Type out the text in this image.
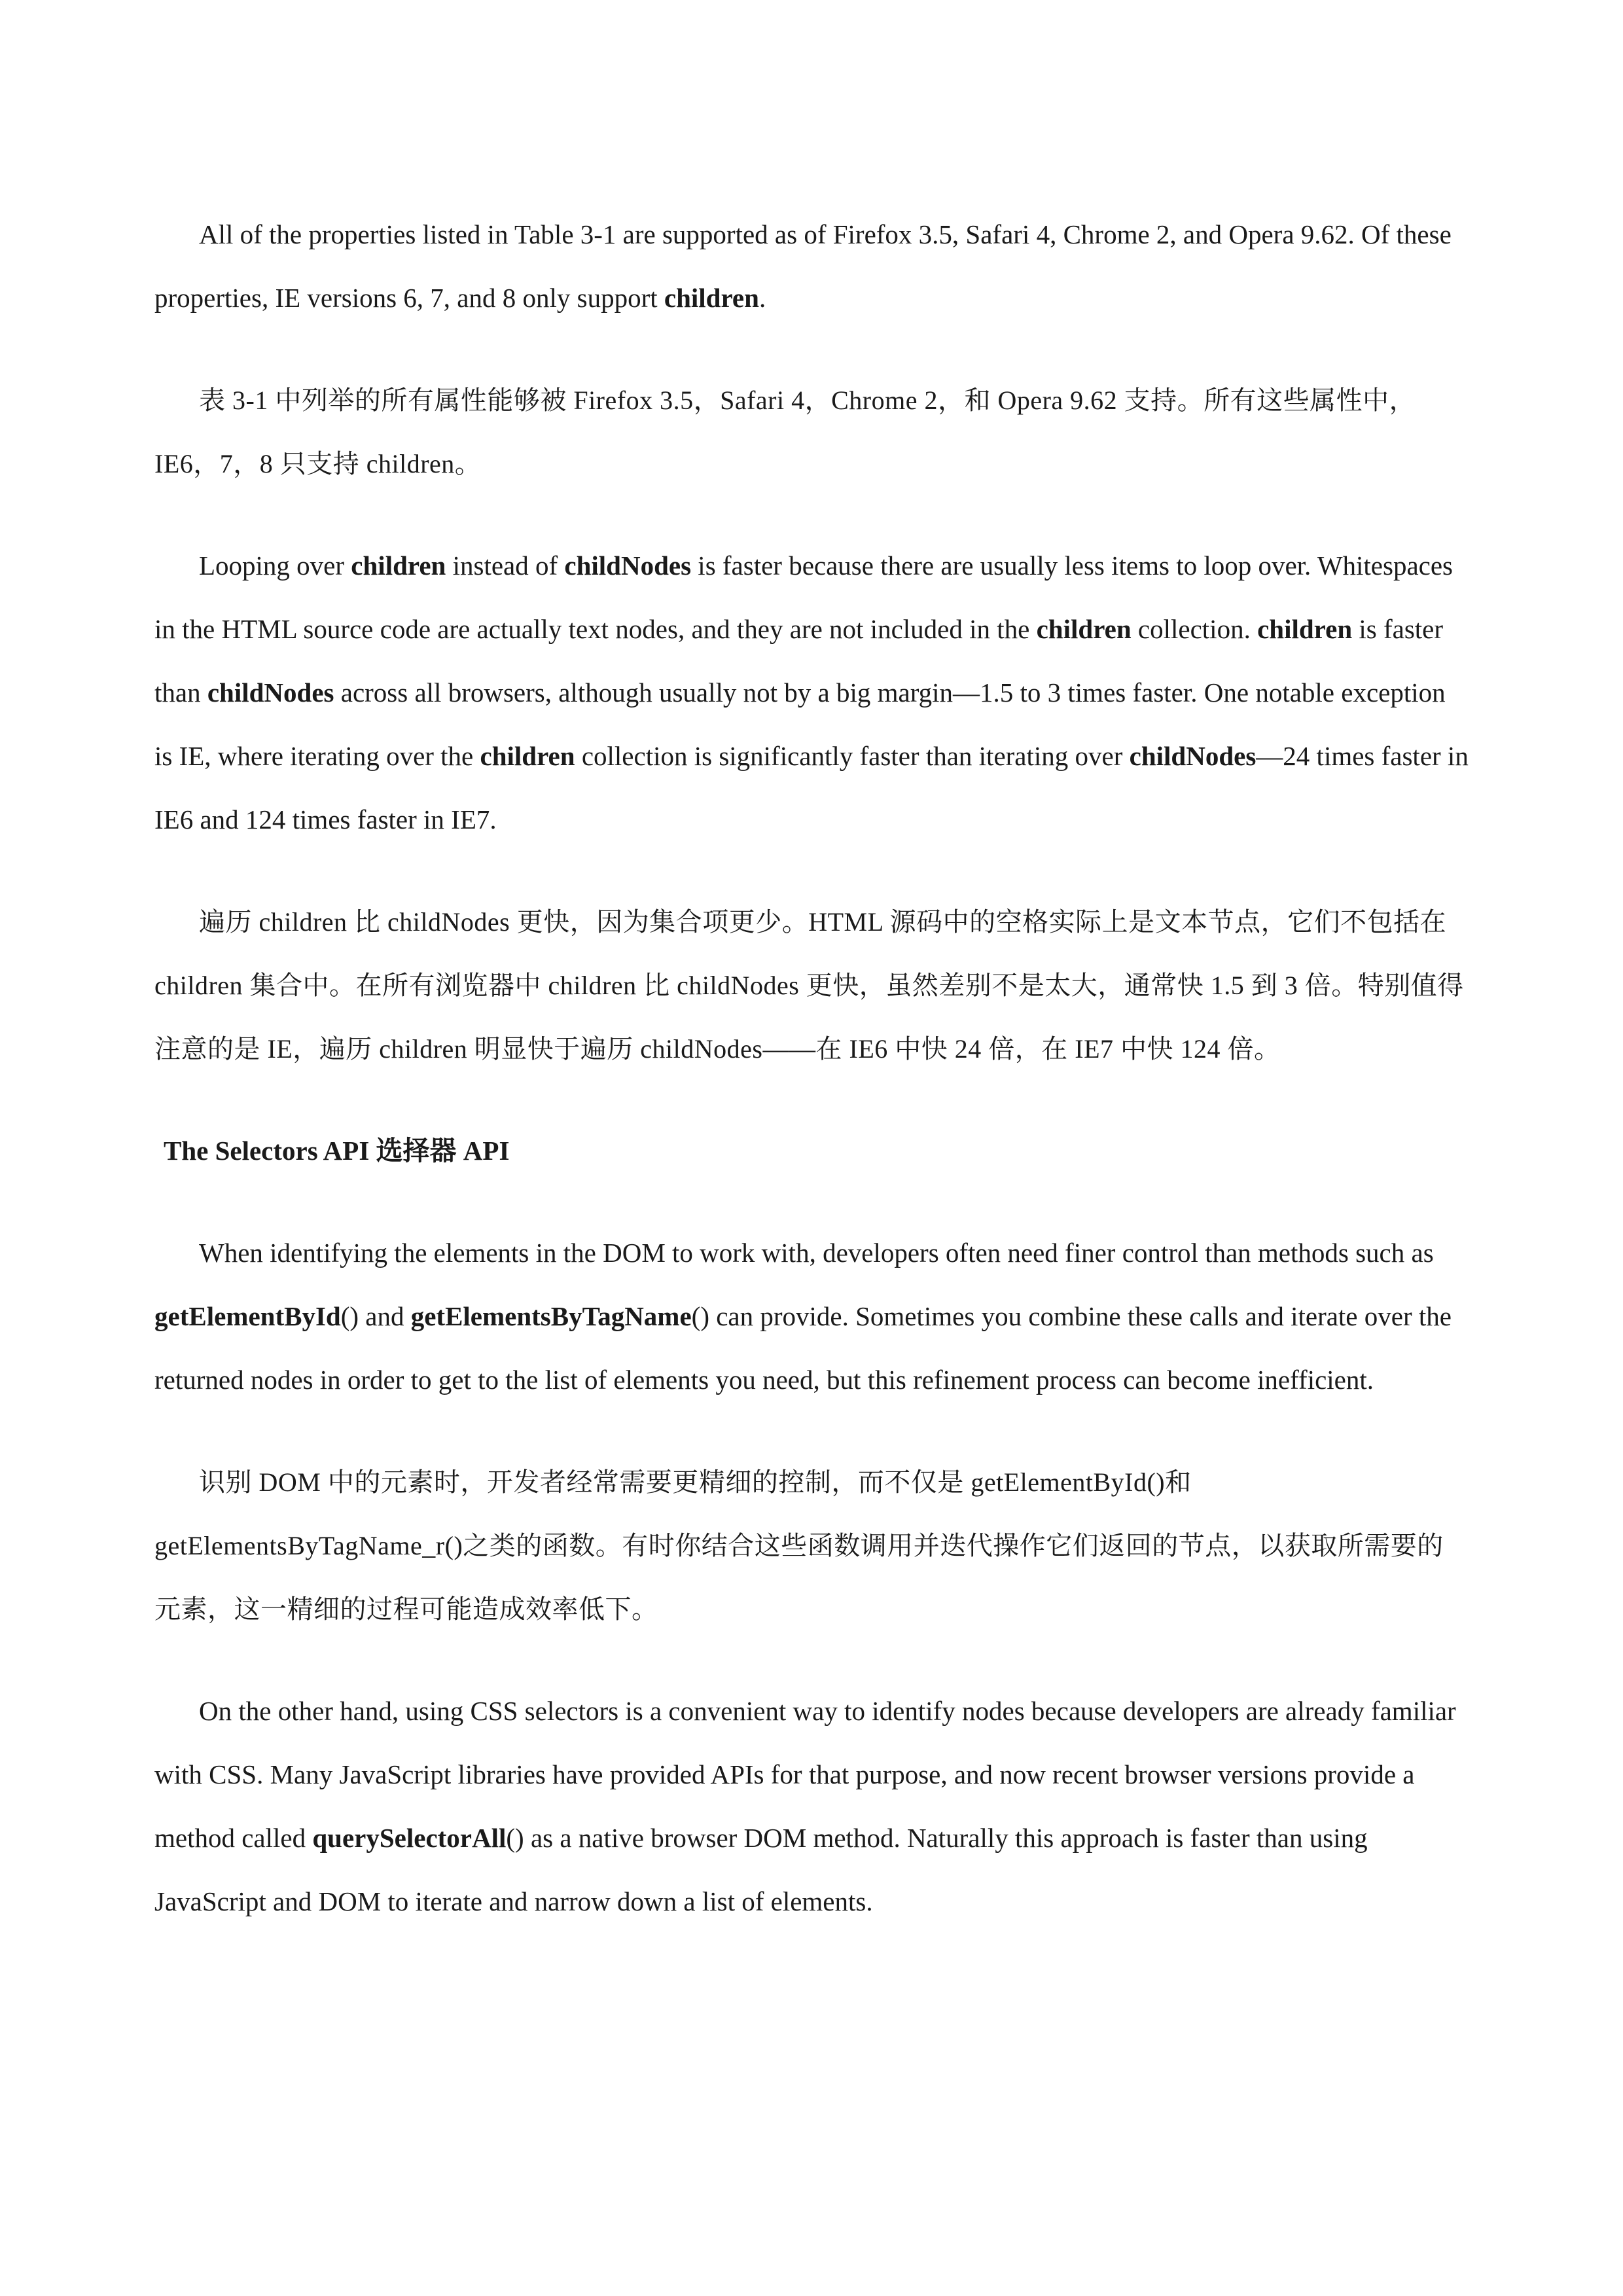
All of the properties listed in Table 3-1 are supported as of Firefox 3.5, Safari 4, Chrome 2, and Opera 9.62. Of these properties, IE versions 6, 7, and 8 only support children.

表 3-1 中列举的所有属性能够被 Firefox 3.5，Safari 4，Chrome 2，和 Opera 9.62 支持。所有这些属性中，IE6，7，8 只支持 children。

Looping over children instead of childNodes is faster because there are usually less items to loop over. Whitespaces in the HTML source code are actually text nodes, and they are not included in the children collection. children is faster than childNodes across all browsers, although usually not by a big margin—1.5 to 3 times faster. One notable exception is IE, where iterating over the children collection is significantly faster than iterating over childNodes—24 times faster in IE6 and 124 times faster in IE7.

遍历 children 比 childNodes 更快，因为集合项更少。HTML 源码中的空格实际上是文本节点，它们不包括在 children 集合中。在所有浏览器中 children 比 childNodes 更快，虽然差别不是太大，通常快 1.5 到 3 倍。特别值得注意的是 IE，遍历 children 明显快于遍历 childNodes——在 IE6 中快 24 倍，在 IE7 中快 124 倍。

The Selectors API 选择器 API

When identifying the elements in the DOM to work with, developers often need finer control than methods such as getElementById() and getElementsByTagName() can provide. Sometimes you combine these calls and iterate over the returned nodes in order to get to the list of elements you need, but this refinement process can become inefficient.

识别 DOM 中的元素时，开发者经常需要更精细的控制，而不仅是 getElementById()和 getElementsByTagName_r()之类的函数。有时你结合这些函数调用并迭代操作它们返回的节点，以获取所需要的元素，这一精细的过程可能造成效率低下。

On the other hand, using CSS selectors is a convenient way to identify nodes because developers are already familiar with CSS. Many JavaScript libraries have provided APIs for that purpose, and now recent browser versions provide a method called querySelectorAll() as a native browser DOM method. Naturally this approach is faster than using JavaScript and DOM to iterate and narrow down a list of elements.
